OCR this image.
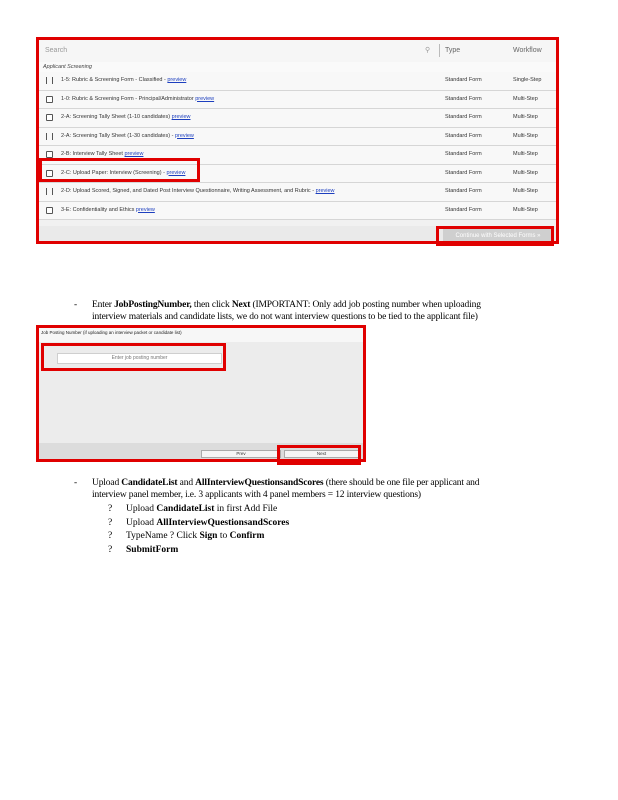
Search	⚲ Type	Workflow
Applicant Screening
1-5: Rubric & Screening Form - Classified - preview	Standard Form	Single-Step
1-0: Rubric & Screening Form - Principal/Administrator preview	Standard Form	Multi-Step
2-A: Screening Tally Sheet (1-10 candidates) preview	Standard Form	Multi-Step
2-A: Screening Tally Sheet (1-30 candidates) - preview	Standard Form	Multi-Step
2-B: Interview Tally Sheet preview	Standard Form	Multi-Step
2-C: Upload Paper: Interview (Screening) - preview	Standard Form	Multi-Step
2-D: Upload Scored, Signed, and Dated Post Interview Questionnaire, Writing Assessment, and Rubric - preview	Standard Form	Multi-Step
3-E: Confidentiality and Ethics preview	Standard Form	Multi-Step
Continue with Selected Forms »
- Enter JobPostingNumber, then click Next (IMPORTANT: Only add job posting number when uploading
interview materials and candidate lists, we do not want interview questions to be tied to the applicant file)
Job Posting Number (if uploading an interview packet or candidate list)
Enter job posting number
Prev	Next
- Upload CandidateList and AllInterviewQuestionsandScores (there should be one file per applicant and
interview panel member, i.e. 3 applicants with 4 panel members = 12 interview questions)
? Upload CandidateList in first Add File
? Upload AllInterviewQuestionsandScores
? TypeName ? Click Sign to Confirm
? SubmitForm
